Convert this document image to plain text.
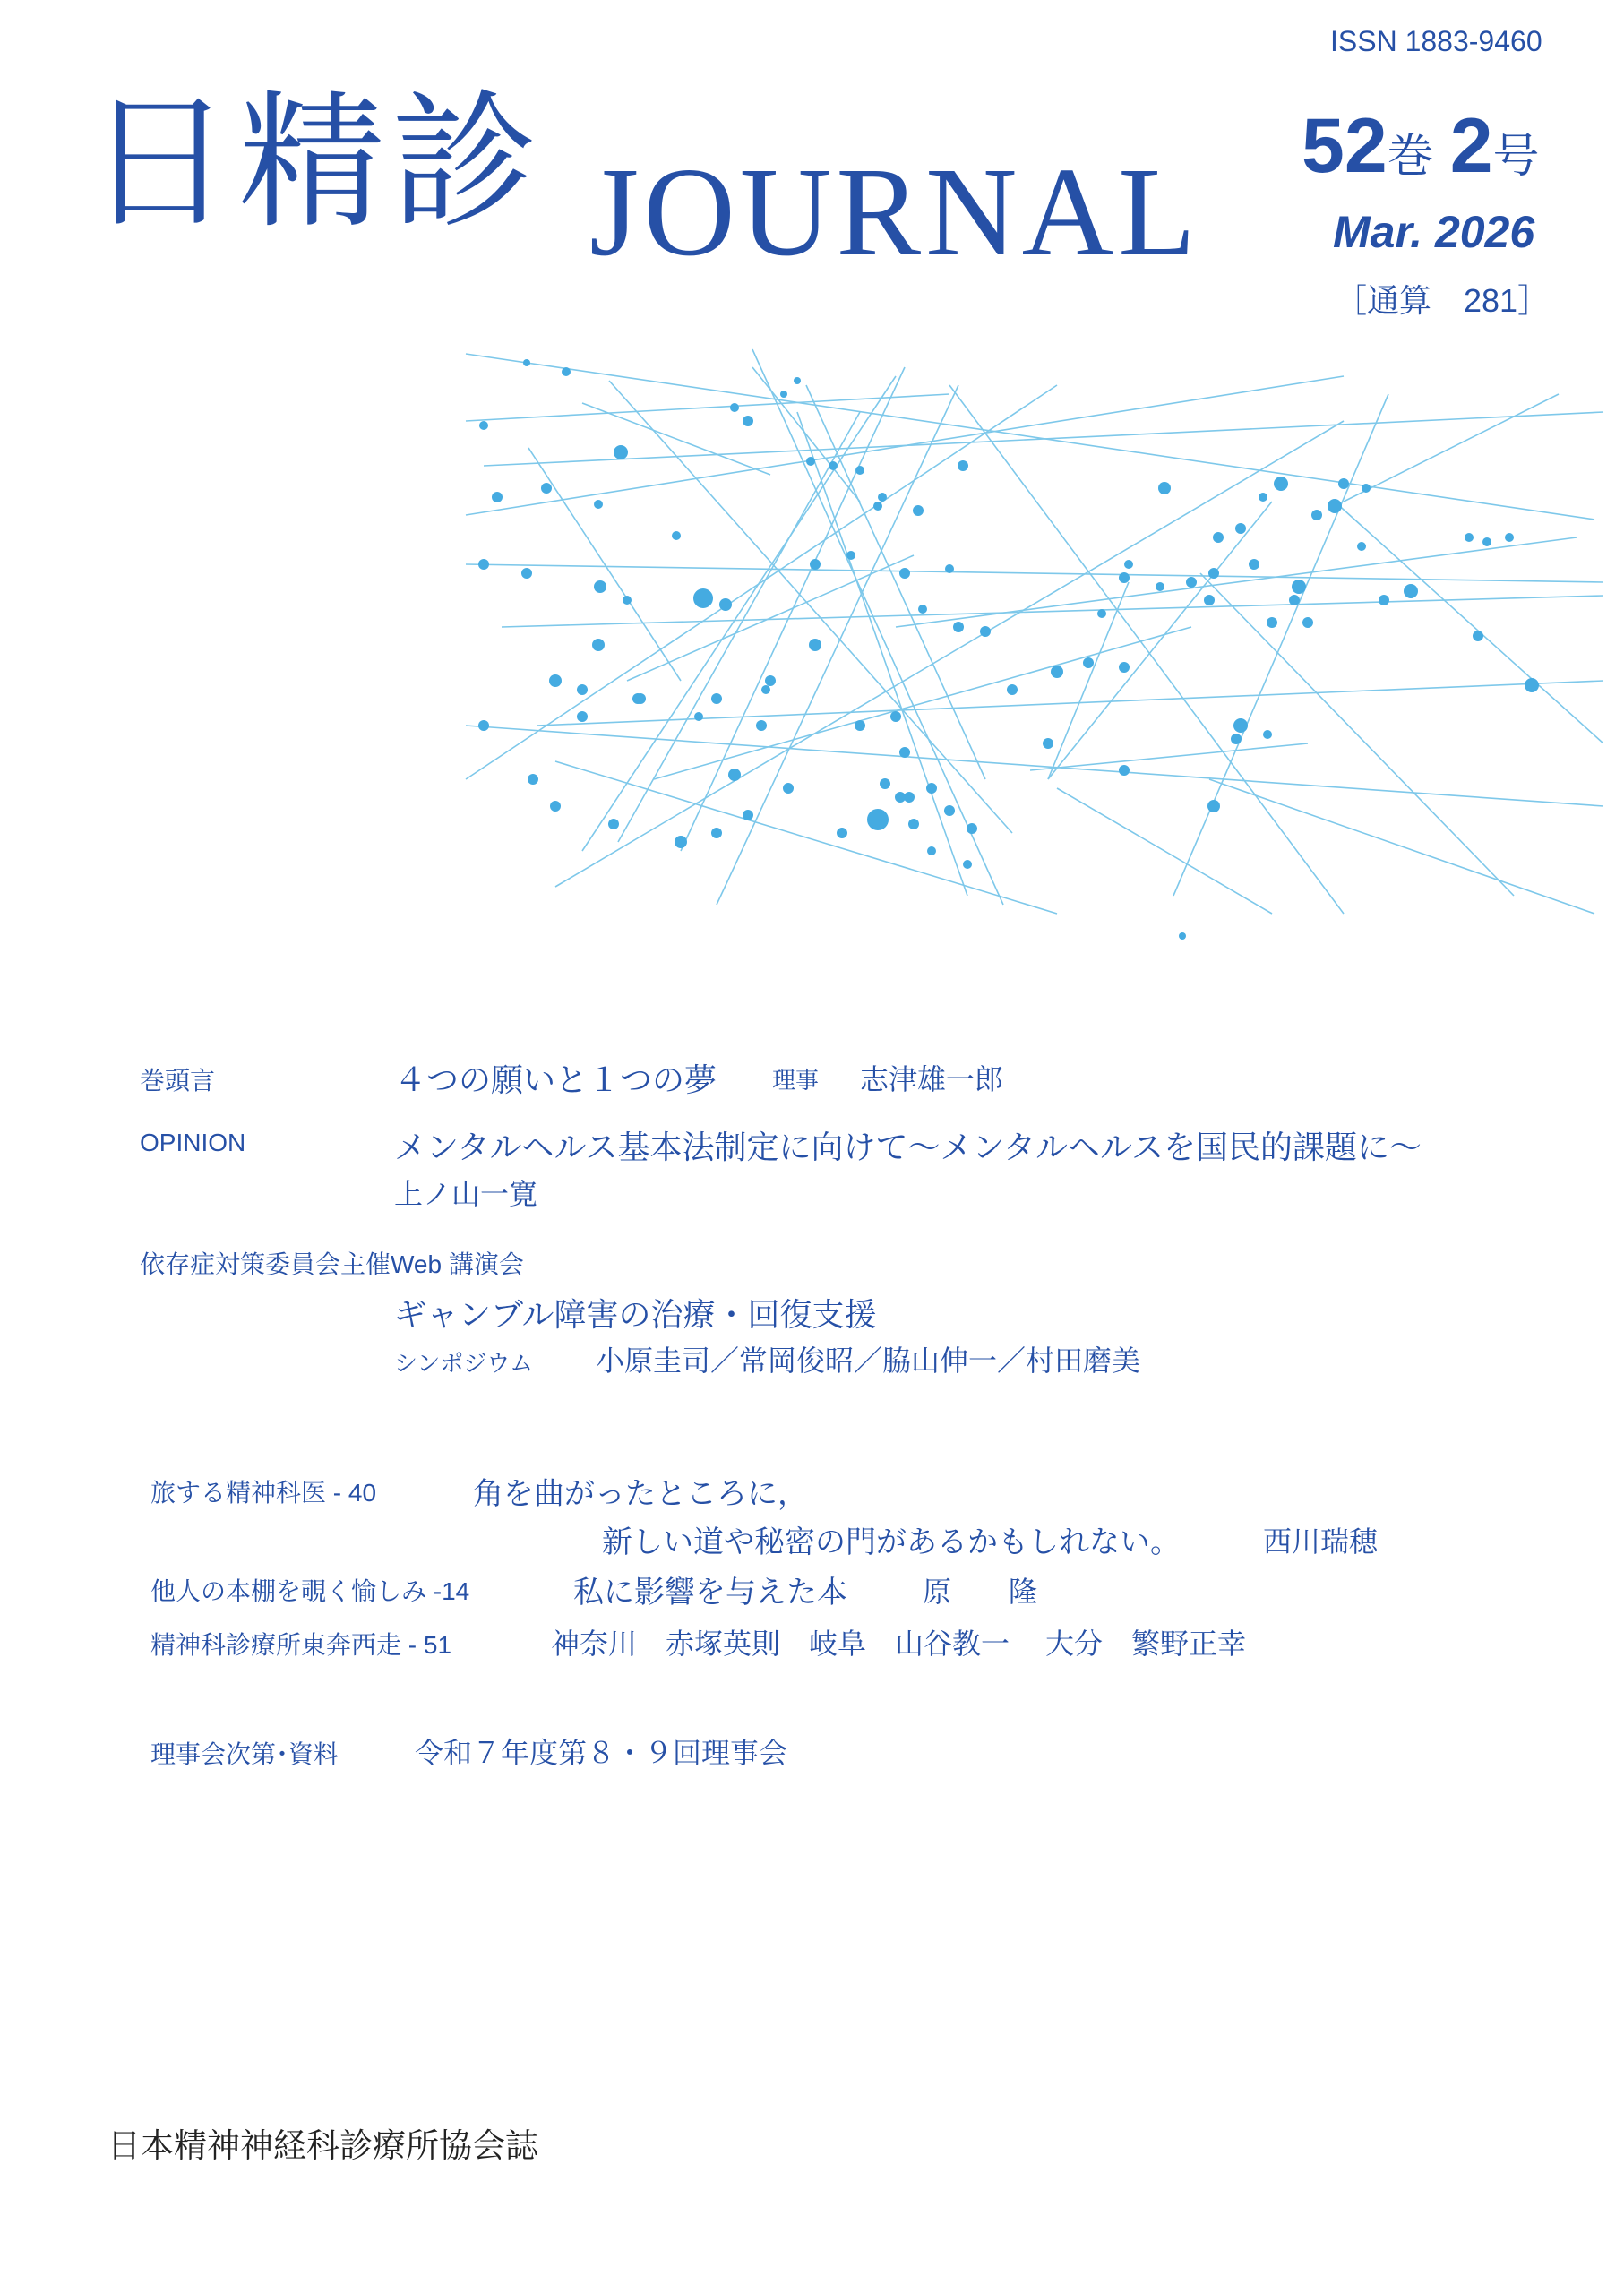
ISSN 1883-9460
日精診 JOURNAL 52巻 2号
Mar. 2026
［通算　281］
巻頭言	４つの願いと１つの夢 理事 志津雄一郎
OPINION	メンタルヘルス基本法制定に向けて〜メンタルヘルスを国民的課題に〜
上ノ山一寛
依存症対策委員会主催Web 講演会
ギャンブル障害の治療・回復支援
シンポジウム 小原圭司／常岡俊昭／脇山伸一／村田磨美
旅する精神科医 - 40	角を曲がったところに，
新しい道や秘密の門があるかもしれない。	西川瑞穂
他人の本棚を覗く愉しみ -14	私に影響を与えた本	原　　隆
精神科診療所東奔西走 - 51	神奈川　赤塚英則　岐阜　山谷教一　 大分　繁野正幸
理事会次第･資料	令和７年度第８・９回理事会
日本精神神経科診療所協会誌
